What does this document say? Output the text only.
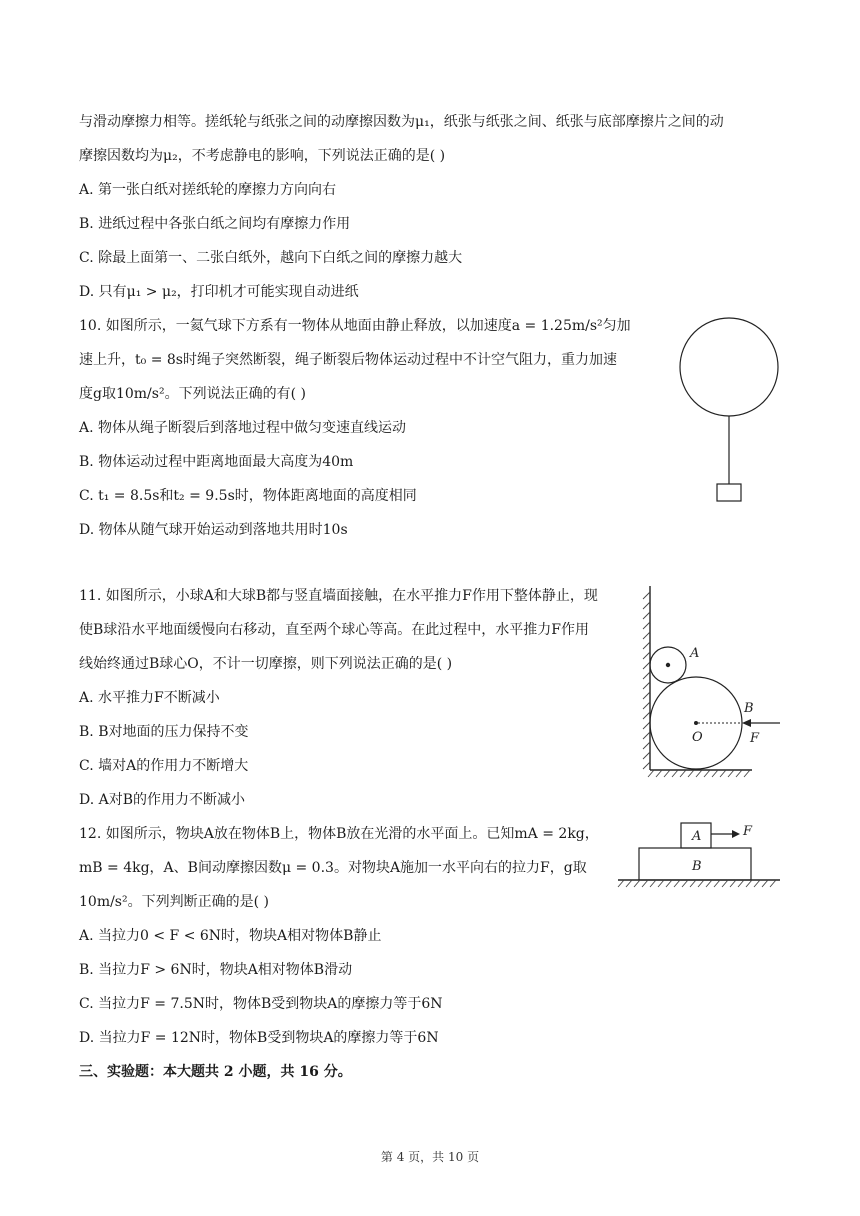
与滑动摩擦力相等。搓纸轮与纸张之间的动摩擦因数为μ₁，纸张与纸张之间、纸张与底部摩擦片之间的动
摩擦因数均为μ₂，不考虑静电的影响，下列说法正确的是( )
A. 第一张白纸对搓纸轮的摩擦力方向向右
B. 进纸过程中各张白纸之间均有摩擦力作用
C. 除最上面第一、二张白纸外，越向下白纸之间的摩擦力越大
D. 只有μ₁ > μ₂，打印机才可能实现自动进纸
10. 如图所示，一氦气球下方系有一物体从地面由静止释放，以加速度a = 1.25m/s²匀加
速上升，t₀ = 8s时绳子突然断裂，绳子断裂后物体运动过程中不计空气阻力，重力加速
度g取10m/s²。下列说法正确的有( )
A. 物体从绳子断裂后到落地过程中做匀变速直线运动
B. 物体运动过程中距离地面最大高度为40m
C. t₁ = 8.5s和t₂ = 9.5s时，物体距离地面的高度相同
D. 物体从随气球开始运动到落地共用时10s
11. 如图所示，小球A和大球B都与竖直墙面接触，在水平推力F作用下整体静止，现
使B球沿水平地面缓慢向右移动，直至两个球心等高。在此过程中，水平推力F作用
线始终通过B球心O，不计一切摩擦，则下列说法正确的是( )
A. 水平推力F不断减小
B. B对地面的压力保持不变
C. 墙对A的作用力不断增大
D. A对B的作用力不断减小
A
O
B
F
12. 如图所示，物块A放在物体B上，物体B放在光滑的水平面上。已知mA = 2kg，
mB = 4kg，A、B间动摩擦因数μ = 0.3。对物块A施加一水平向右的拉力F，g取
10m/s²。下列判断正确的是( )
A. 当拉力0 < F < 6N时，物块A相对物体B静止
B. 当拉力F > 6N时，物块A相对物体B滑动
C. 当拉力F = 7.5N时，物体B受到物块A的摩擦力等于6N
D. 当拉力F = 12N时，物体B受到物块A的摩擦力等于6N
A	F
B
三、实验题：本大题共 2 小题，共 16 分。
第 4 页，共 10 页
